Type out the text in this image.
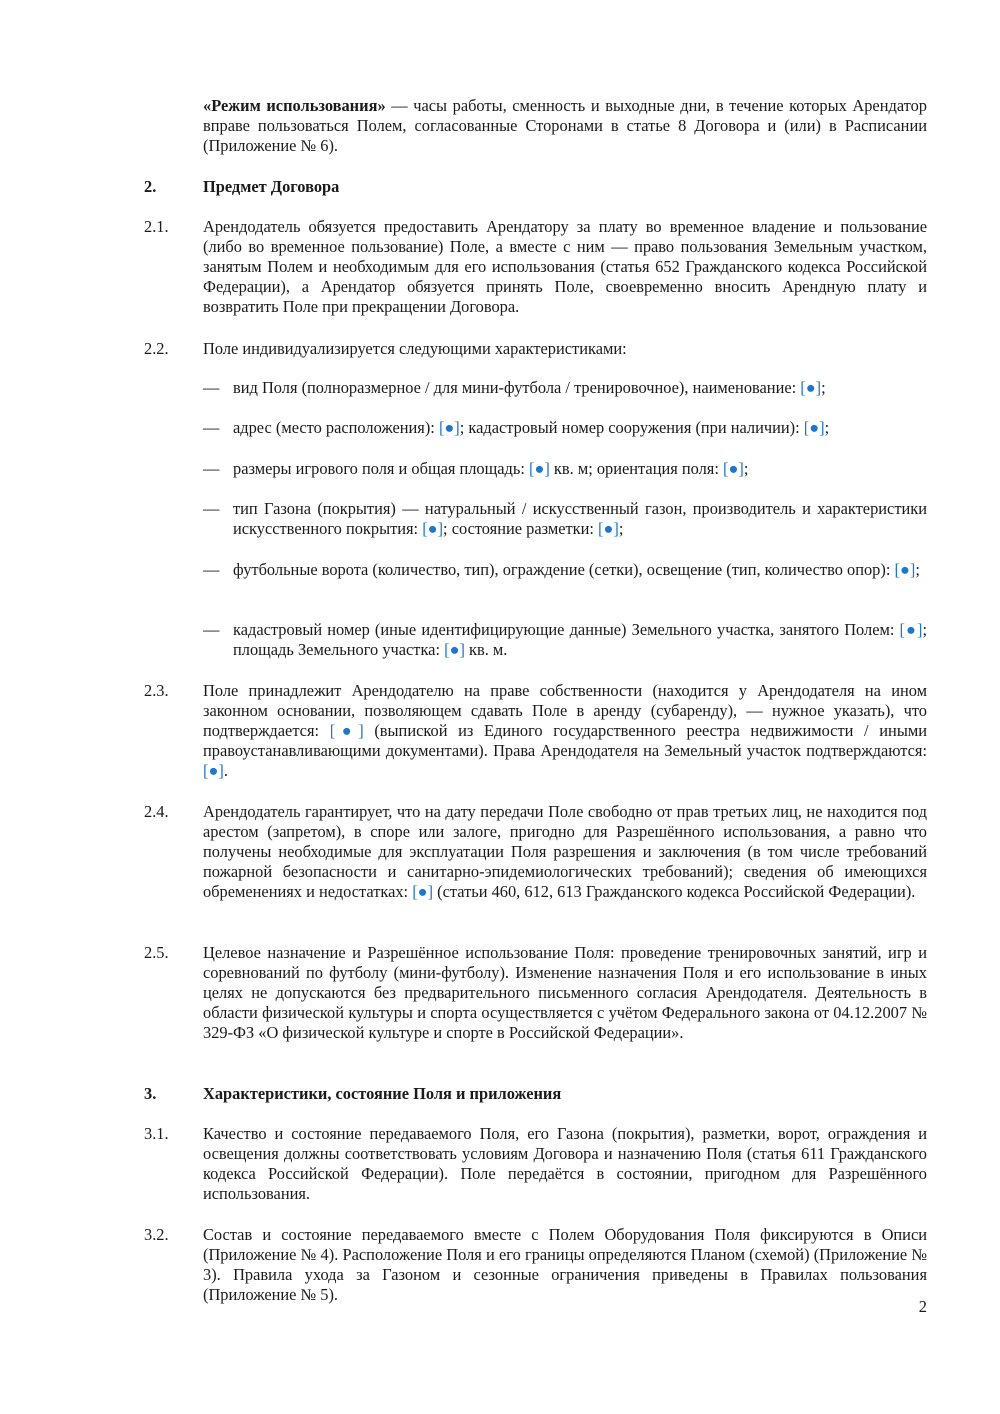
«Режим использования» — часы работы, сменность и выходные дни, в течение которых Арендатор вправе пользоваться Полем, согласованные Сторонами в статье 8 Договора и (или) в Расписании (Приложение № 6).
2.	Предмет Договора
2.1.	Арендодатель обязуется предоставить Арендатору за плату во временное владение и пользование (либо во временное пользование) Поле, а вместе с ним — право пользования Земельным участком, занятым Полем и необходимым для его использования (статья 652 Гражданского кодекса Российской Федерации), а Арендатор обязуется принять Поле, своевременно вносить Арендную плату и возвратить Поле при прекращении Договора.
2.2.	Поле индивидуализируется следующими характеристиками:
— вид Поля (полноразмерное / для мини-футбола / тренировочное), наименование: [●];
— адрес (место расположения): [●]; кадастровый номер сооружения (при наличии): [●];
— размеры игрового поля и общая площадь: [●] кв. м; ориентация поля: [●];
— тип Газона (покрытия) — натуральный / искусственный газон, производитель и характеристики искусственного покрытия: [●]; состояние разметки: [●];
— футбольные ворота (количество, тип), ограждение (сетки), освещение (тип, количество опор): [●];
— кадастровый номер (иные идентифицирующие данные) Земельного участка, занятого Полем: [●]; площадь Земельного участка: [●] кв. м.
2.3.	Поле принадлежит Арендодателю на праве собственности (находится у Арендодателя на ином законном основании, позволяющем сдавать Поле в аренду (субаренду), — нужное указать), что подтверждается: [●] (выпиской из Единого государственного реестра недвижимости / иными правоустанавливающими документами). Права Арендодателя на Земельный участок подтверждаются: [●].
2.4.	Арендодатель гарантирует, что на дату передачи Поле свободно от прав третьих лиц, не находится под арестом (запретом), в споре или залоге, пригодно для Разрешённого использования, а равно что получены необходимые для эксплуатации Поля разрешения и заключения (в том числе требований пожарной безопасности и санитарно-эпидемиологических требований); сведения об имеющихся обременениях и недостатках: [●] (статьи 460, 612, 613 Гражданского кодекса Российской Федерации).
2.5.	Целевое назначение и Разрешённое использование Поля: проведение тренировочных занятий, игр и соревнований по футболу (мини-футболу). Изменение назначения Поля и его использование в иных целях не допускаются без предварительного письменного согласия Арендодателя. Деятельность в области физической культуры и спорта осуществляется с учётом Федерального закона от 04.12.2007 № 329-ФЗ «О физической культуре и спорте в Российской Федерации».
3.	Характеристики, состояние Поля и приложения
3.1.	Качество и состояние передаваемого Поля, его Газона (покрытия), разметки, ворот, ограждения и освещения должны соответствовать условиям Договора и назначению Поля (статья 611 Гражданского кодекса Российской Федерации). Поле передаётся в состоянии, пригодном для Разрешённого использования.
3.2.	Состав и состояние передаваемого вместе с Полем Оборудования Поля фиксируются в Описи (Приложение № 4). Расположение Поля и его границы определяются Планом (схемой) (Приложение № 3). Правила ухода за Газоном и сезонные ограничения приведены в Правилах пользования (Приложение № 5).
2
